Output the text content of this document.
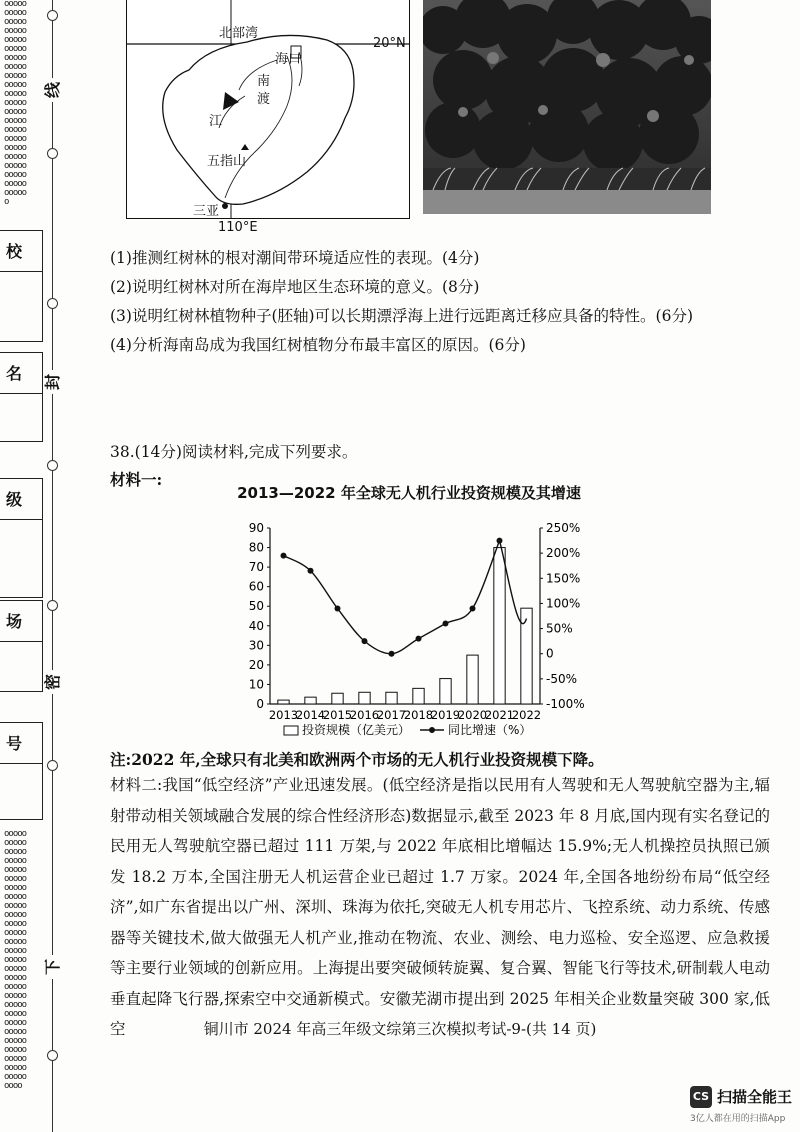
ooooooooooooooooooooooooooooooooooooooooooooooooooooooooooooooooooooooooooooooooooooooooooooooooooooooooooooooo
oooooooooooooooooooooooooooooooooooooooooooooooooooooooooooooooooooooooooooooooooooooooooooooooooooooooooooooooooooooooooooooooooooooooooooooooo
线
封
密
下
校
名
级
场
号
北部湾
20°N
海口
南
渡
江
五指山
三亚
110°E
(1)推测红树林的根对潮间带环境适应性的表现。(4分)
(2)说明红树林对所在海岸地区生态环境的意义。(8分)
(3)说明红树林植物种子(胚轴)可以长期漂浮海上进行远距离迁移应具备的特性。(6分)
(4)分析海南岛成为我国红树植物分布最丰富区的原因。(6分)
38.(14分)阅读材料,完成下列要求。
材料一:
2013—2022 年全球无人机行业投资规模及其增速
0
10
20
30
40
50
60
70
80
90
-100%
-50%
0
50%
100%
150%
200%
250%
2013
2014
2015
2016
2017
2018
2019
2020
2021
2022
投资规模（亿美元）	同比增速（%）
注:2022 年,全球只有北美和欧洲两个市场的无人机行业投资规模下降。
材料二:我国“低空经济”产业迅速发展。(低空经济是指以民用有人驾驶和无人驾驶航空器为主,辐射带动相关领域融合发展的综合性经济形态)数据显示,截至 2023 年 8 月底,国内现有实名登记的民用无人驾驶航空器已超过 111 万架,与 2022 年底相比增幅达 15.9%;无人机操控员执照已颁发 18.2 万本,全国注册无人机运营企业已超过 1.7 万家。2024 年,全国各地纷纷布局“低空经济”,如广东省提出以广州、深圳、珠海为依托,突破无人机专用芯片、飞控系统、动力系统、传感器等关键技术,做大做强无人机产业,推动在物流、农业、测绘、电力巡检、安全巡逻、应急救援等主要行业领域的创新应用。上海提出要突破倾转旋翼、复合翼、智能飞行等技术,研制载人电动垂直起降飞行器,探索空中交通新模式。安徽芜湖市提出到 2025 年相关企业数量突破 300 家,低空	铜川市 2024 年高三年级文综第三次模拟考试-9-(共 14 页)
CS 扫描全能王
3亿人都在用的扫描App
